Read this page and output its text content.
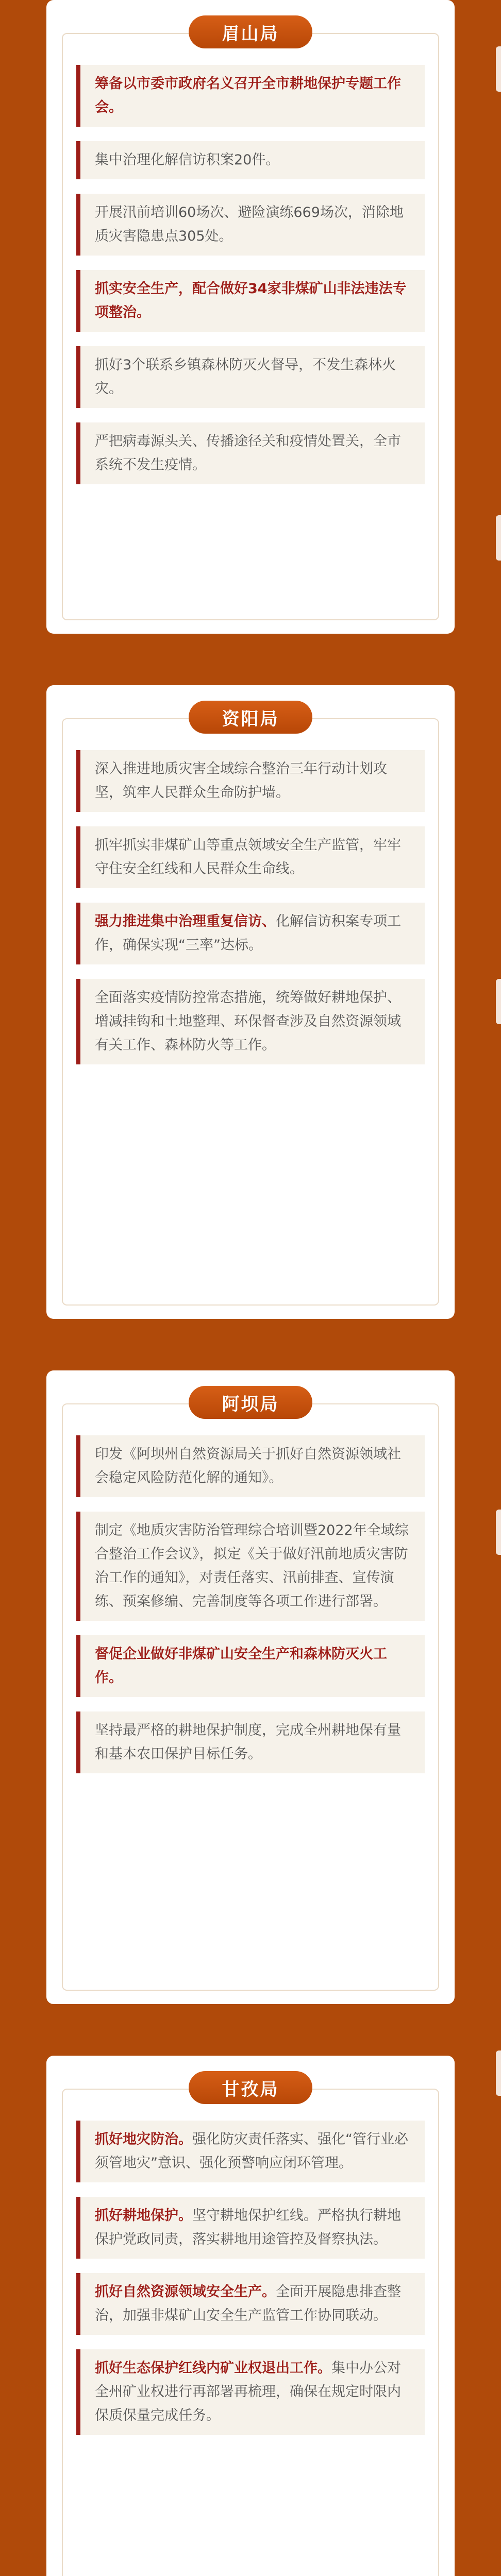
眉山局
筹备以市委市政府名义召开全市耕地保护专题工作会。
集中治理化解信访积案20件。
开展汛前培训60场次、避险演练669场次，消除地质灾害隐患点305处。
抓实安全生产，配合做好34家非煤矿山非法违法专项整治。
抓好3个联系乡镇森林防灭火督导，不发生森林火灾。
严把病毒源头关、传播途径关和疫情处置关，全市系统不发生疫情。
资阳局
深入推进地质灾害全域综合整治三年行动计划攻坚，筑牢人民群众生命防护墙。
抓牢抓实非煤矿山等重点领域安全生产监管，牢牢守住安全红线和人民群众生命线。
强力推进集中治理重复信访、化解信访积案专项工作，确保实现“三率”达标。
全面落实疫情防控常态措施，统筹做好耕地保护、增减挂钩和土地整理、环保督查涉及自然资源领域有关工作、森林防火等工作。
阿坝局
印发《阿坝州自然资源局关于抓好自然资源领域社会稳定风险防范化解的通知》。
制定《地质灾害防治管理综合培训暨2022年全域综合整治工作会议》，拟定《关于做好汛前地质灾害防治工作的通知》，对责任落实、汛前排查、宣传演练、预案修编、完善制度等各项工作进行部署。
督促企业做好非煤矿山安全生产和森林防灭火工作。
坚持最严格的耕地保护制度，完成全州耕地保有量和基本农田保护目标任务。
甘孜局
抓好地灾防治。强化防灾责任落实、强化“管行业必须管地灾”意识、强化预警响应闭环管理。
抓好耕地保护。坚守耕地保护红线。严格执行耕地保护党政同责，落实耕地用途管控及督察执法。
抓好自然资源领域安全生产。全面开展隐患排查整治，加强非煤矿山安全生产监管工作协同联动。
抓好生态保护红线内矿业权退出工作。集中办公对全州矿业权进行再部署再梳理，确保在规定时限内保质保量完成任务。
